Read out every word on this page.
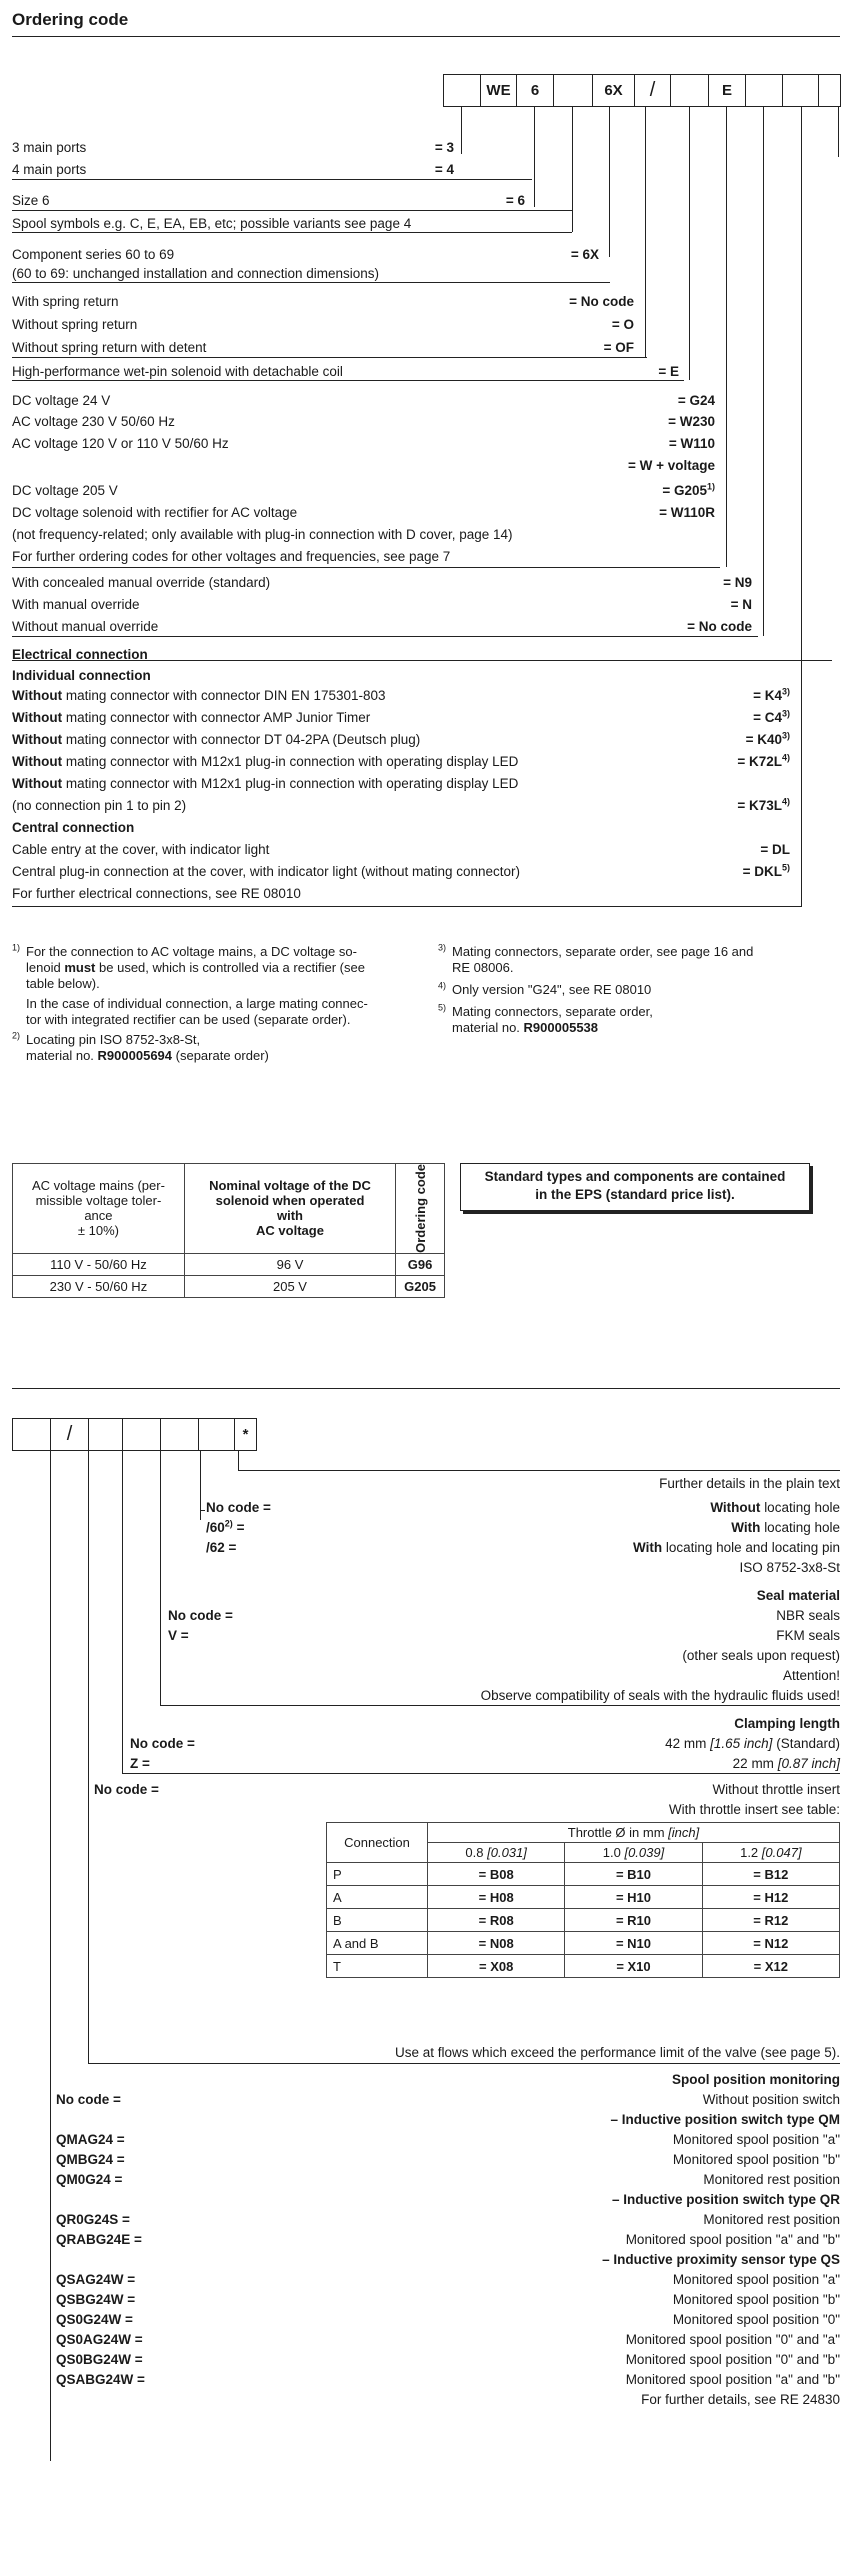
Ordering code
WE	6	6X	/	E
3 main ports	= 3
4 main ports	= 4
Size 6	= 6
Spool symbols e.g. C, E, EA, EB, etc; possible variants see page 4
Component series 60 to 69	= 6X
(60 to 69: unchanged installation and connection dimensions)
With spring return	= No code
Without spring return	= O
Without spring return with detent	= OF
High-performance wet-pin solenoid with detachable coil	= E
DC voltage 24 V	= G24
AC voltage 230 V 50/60 Hz	= W230
AC voltage 120 V or 110 V 50/60 Hz	= W110
= W + voltage
DC voltage 205 V	= $G205^{1)}$
DC voltage solenoid with rectifier for AC voltage	= W110R
(not frequency-related; only available with plug-in connection with D cover, page 14)
For further ordering codes for other voltages and frequencies, see page 7
With concealed manual override (standard)	= N9
With manual override	= N
Without manual override	= No code
Electrical connection
Individual connection
Without mating connector with connector DIN EN 175301-803	= $K4^{3)}$
Without mating connector with connector AMP Junior Timer	= $C4^{3)}$
Without mating connector with connector DT 04-2PA (Deutsch plug)	= $K40^{3)}$
Without mating connector with M12x1 plug-in connection with operating display LED	= $K72L^{4)}$
Without mating connector with M12x1 plug-in connection with operating display LED
(no connection pin 1 to pin 2)	= $K73L^{4)}$
Central connection
Cable entry at the cover, with indicator light	= DL
Central plug-in connection at the cover, with indicator light (without mating connector)	= $DKL^{5)}$
For further electrical connections, see RE 08010
$^{1)}$ For the connection to AC voltage mains, a DC voltage so-
lenoid must be used, which is controlled via a rectifier (see
table below).
In the case of individual connection, a large mating connec-
tor with integrated rectifier can be used (separate order).
$^{2)}$ Locating pin ISO 8752-3x8-St,
material no. R900005694 (separate order)
$^{3)}$ Mating connectors, separate order, see page 16 and
RE 08006.
$^{4)}$ Only version "G24", see RE 08010
$^{5)}$ Mating connectors, separate order,
material no. R900005538
AC voltage mains (per-
missible voltage toler-
ance
± 10%)	Nominal voltage of the DC
solenoid when operated
with
AC voltage	Ordering code

110 V - 50/60 Hz	96 V	G96
230 V - 50/60 Hz	205 V	G205
Standard types and components are contained
in the EPS (standard price list).
/	*
Further details in the plain text
No code =	Without locating hole
$/60^{2)}$ =	With locating hole
/62 =	With locating hole and locating pin
ISO 8752-3x8-St
Seal material
No code =	NBR seals
V =	FKM seals
(other seals upon request)
Attention!
Observe compatibility of seals with the hydraulic fluids used!
Clamping length
No code =	42 mm [1.65 inch] (Standard)
Z =	22 mm [0.87 inch]
No code =	Without throttle insert
With throttle insert see table:
Connection	Throttle Ø in mm [inch]		
	0.8 [0.031]	1.0 [0.039]	1.2 [0.047]
P	= B08	= B10	= B12
A	= H08	= H10	= H12
B	= R08	= R10	= R12
A and B	= N08	= N10	= N12
T	= X08	= X10	= X12
Use at flows which exceed the performance limit of the valve (see page 5).
Spool position monitoring
No code =	Without position switch
– Inductive position switch type QM
QMAG24 =	Monitored spool position "a"
QMBG24 =	Monitored spool position "b"
QM0G24 =	Monitored rest position
– Inductive position switch type QR
QR0G24S =	Monitored rest position
QRABG24E =	Monitored spool position "a" and "b"
– Inductive proximity sensor type QS
QSAG24W =	Monitored spool position "a"
QSBG24W =	Monitored spool position "b"
QS0G24W =	Monitored spool position "0"
QS0AG24W =	Monitored spool position "0" and "a"
QS0BG24W =	Monitored spool position "0" and "b"
QSABG24W =	Monitored spool position "a" and "b"
For further details, see RE 24830
